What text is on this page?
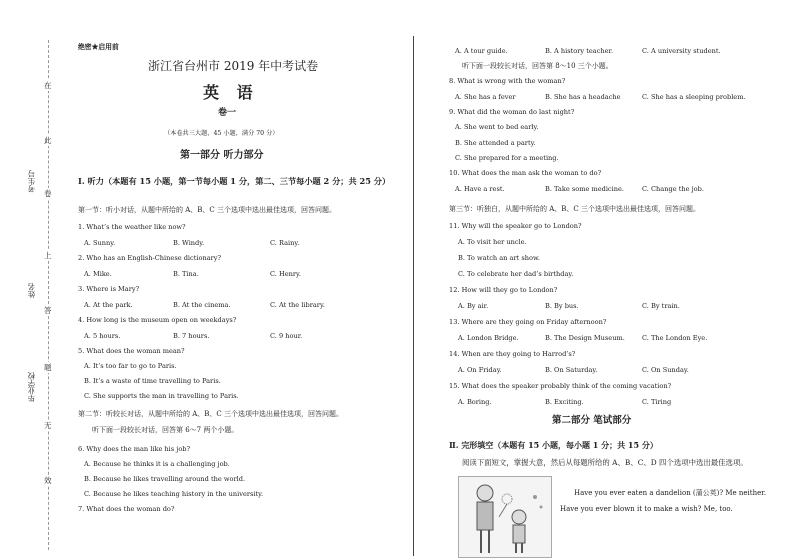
考生号
姓名
毕业学校
在
此
卷
上
答
题
无
效
绝密★启用前
浙江省台州市 2019 年中考试卷
英 语
卷一
（本卷共三大题，45 小题，满分 70 分）
第一部分 听力部分
Ⅰ. 听力（本题有 15 小题，第一节每小题 1 分，第二、三节每小题 2 分；共 25 分）
第一节：听小对话，从题中所给的 A、B、C 三个选项中选出最佳选项，回答问题。
1. What’s the weather like now?
A. Sunny.	B. Windy.	C. Rainy.
2. Who has an English-Chinese dictionary?
A. Mike.	B. Tina.	C. Henry.
3. Where is Mary?
A. At the park.	B. At the cinema.	C. At the library.
4. How long is the museum open on weekdays?
A. 5 hours.	B. 7 hours.	C. 9 hour.
5. What does the woman mean?
A. It’s too far to go to Paris.
B. It’s a waste of time travelling to Paris.
C. She supports the man in travelling to Paris.
第二节：听较长对话，从题中所给的 A、B、C 三个选项中选出最佳选项，回答问题。
听下面一段较长对话，回答第 6～7 两个小题。
6. Why does the man like his job?
A. Because he thinks it is a challenging job.
B. Because he likes travelling around the world.
C. Because he likes teaching history in the university.
7. What does the woman do?
A. A tour guide.	B. A history teacher.	C. A university student.
听下面一段较长对话，回答第 8～10 三个小题。
8. What is wrong with the woman?
A. She has a fever	B. She has a headache	C. She has a sleeping problem.
9. What did the woman do last night?
A. She went to bed early.
B. She attended a party.
C. She prepared for a meeting.
10. What does the man ask the woman to do?
A. Have a rest.	B. Take some medicine.	C. Change the job.
第三节：听独白，从题中所给的 A、B、C 三个选项中选出最佳选项，回答问题。
11. Why will the speaker go to London?
A. To visit her uncle.
B. To watch an art show.
C. To celebrate her dad’s birthday.
12. How will they go to London?
A. By air.	B. By bus.	C. By train.
13. Where are they going on Friday afternoon?
A. London Bridge.	B. The Design Museum.	C. The London Eye.
14. When are they going to Harrod’s?
A. On Friday.	B. On Saturday.	C. On Sunday.
15. What does the speaker probably think of the coming vacation?
A. Boring.	B. Exciting.	C. Tiring
第二部分 笔试部分
Ⅱ. 完形填空（本题有 15 小题，每小题 1 分；共 15 分）
阅读下面短文，掌握大意，然后从每题所给的 A、B、C、D 四个选项中选出最佳选项。
Have you ever eaten a dandelion (蒲公英)? Me neither.
Have you ever blown it to make a wish? Me, too.
